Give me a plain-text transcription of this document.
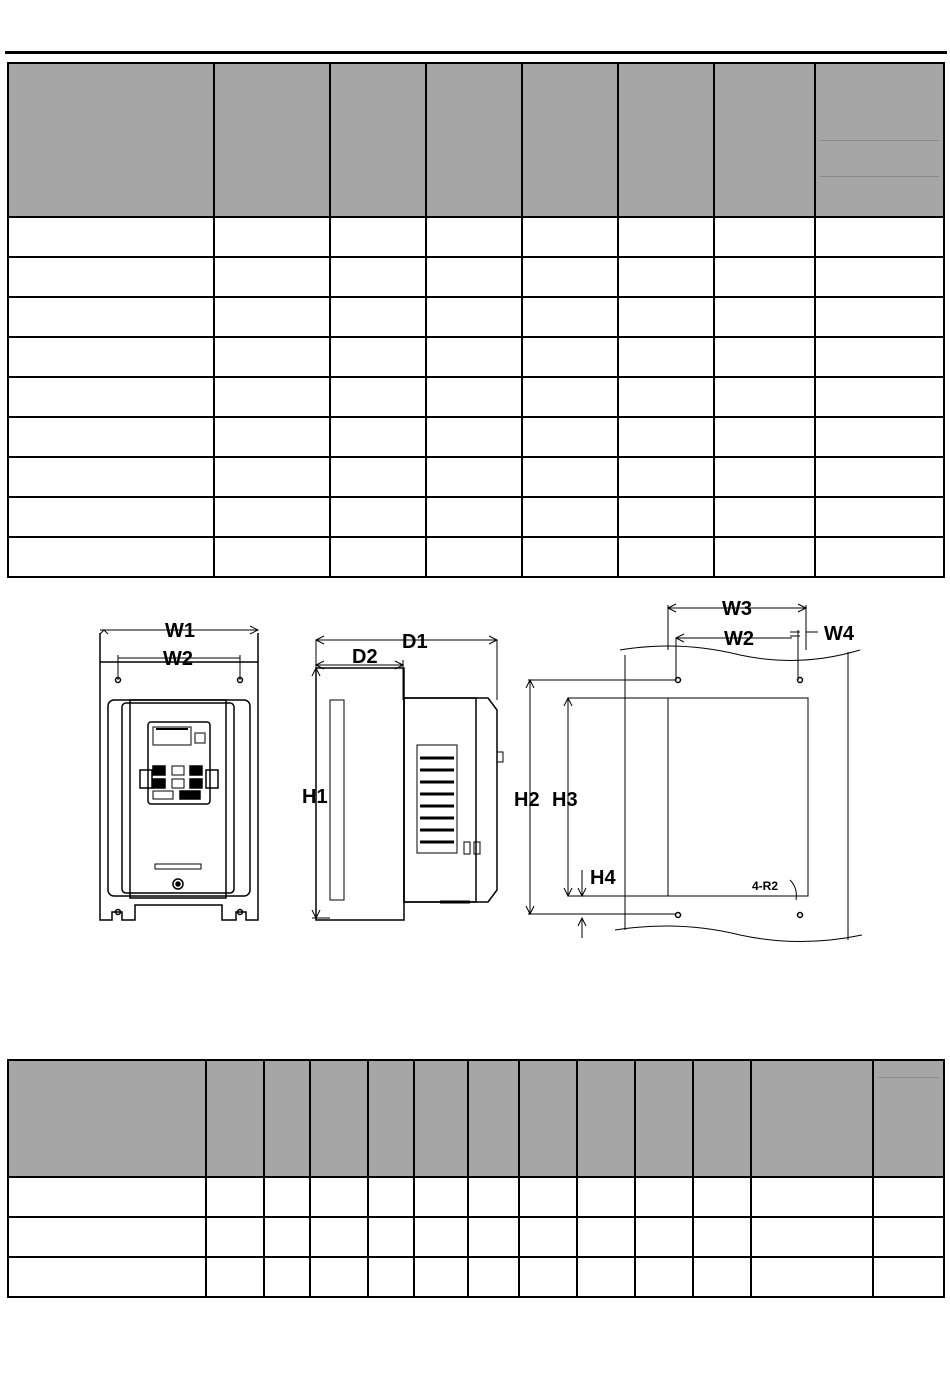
W1
W2
D1
D2
H1
W3
W2	W4
H2 H3
H4	4-R2
